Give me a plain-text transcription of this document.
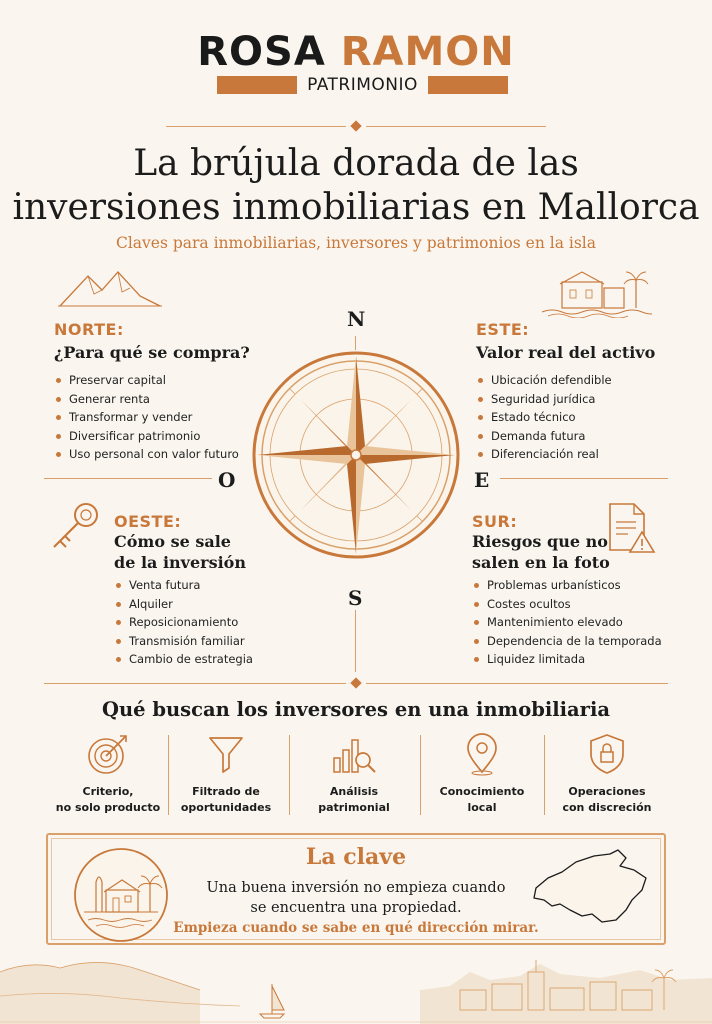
ROSA RAMON
PATRIMONIO
La brújula dorada de las
inversiones inmobiliarias en Mallorca
Claves para inmobiliarias, inversores y patrimonios en la isla
N
S
E
O
NORTE:
¿Para qué se compra?
Preservar capital
Generar renta
Transformar y vender
Diversificar patrimonio
Uso personal con valor futuro
ESTE:
Valor real del activo
Ubicación defendible
Seguridad jurídica
Estado técnico
Demanda futura
Diferenciación real
OESTE:
Cómo se sale
de la inversión
Venta futura
Alquiler
Reposicionamiento
Transmisión familiar
Cambio de estrategia
SUR:
Riesgos que no
salen en la foto
Problemas urbanísticos
Costes ocultos
Mantenimiento elevado
Dependencia de la temporada
Liquidez limitada
Qué buscan los inversores en una inmobiliaria
Criterio,
no solo producto
Filtrado de
oportunidades
Análisis
patrimonial
Conocimiento
local
Operaciones
con discreción
La clave
Una buena inversión no empieza cuando
se encuentra una propiedad.
Empieza cuando se sabe en qué dirección mirar.
